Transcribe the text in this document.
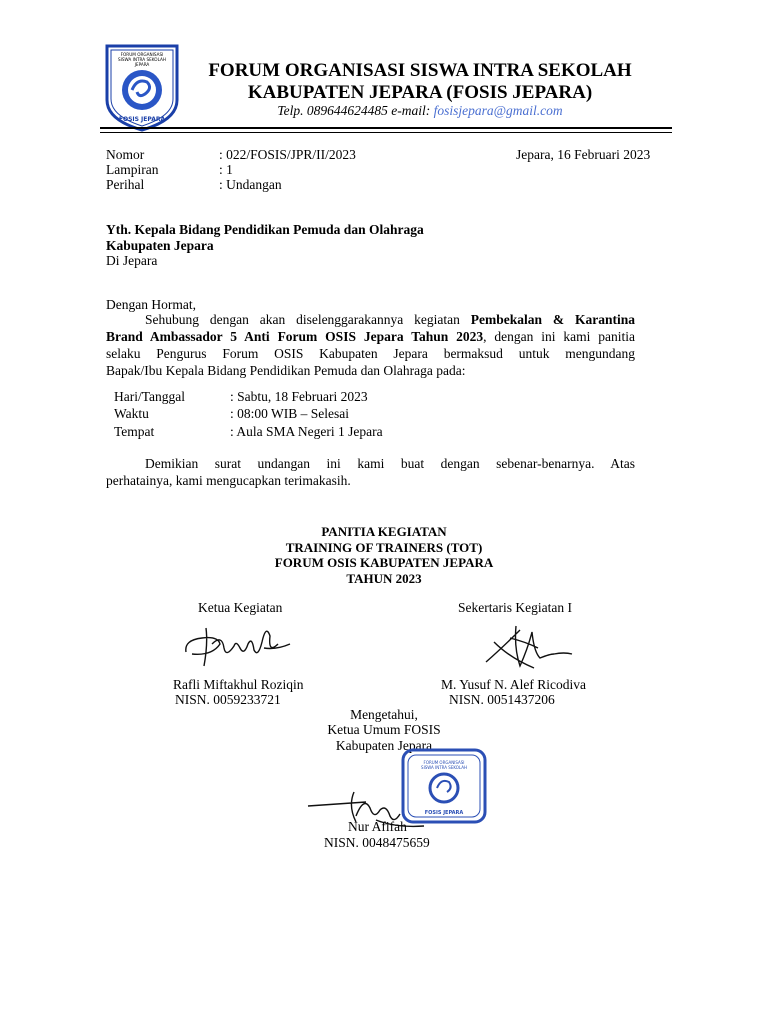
FORUM ORGANISASI
SISWA INTRA SEKOLAH
JEPARA
FOSIS JEPARA
FORUM ORGANISASI SISWA INTRA SEKOLAH
KABUPATEN JEPARA (FOSIS JEPARA)
Telp. 089644624485 e-mail: fosisjepara@gmail.com
Nomor	: 022/FOSIS/JPR/II/2023	Jepara, 16 Februari 2023
Lampiran	: 1
Perihal	: Undangan
Yth. Kepala Bidang Pendidikan Pemuda dan Olahraga
Kabupaten Jepara
Di Jepara
Dengan Hormat,
Sehubung dengan akan diselenggarakannya kegiatan Pembekalan & Karantina
Brand Ambassador 5 Anti Forum OSIS Jepara Tahun 2023, dengan ini kami panitia
selaku Pengurus Forum OSIS Kabupaten Jepara bermaksud untuk mengundang
Bapak/Ibu Kepala Bidang Pendidikan Pemuda dan Olahraga pada:
Hari/Tanggal	: Sabtu, 18 Februari 2023
Waktu	: 08:00 WIB – Selesai
Tempat	: Aula SMA Negeri 1 Jepara
Demikian surat undangan ini kami buat dengan sebenar-benarnya. Atas
perhatainya, kami mengucapkan terimakasih.
PANITIA KEGIATAN
TRAINING OF TRAINERS (TOT)
FORUM OSIS KABUPATEN JEPARA
TAHUN 2023
Ketua Kegiatan	Sekertaris Kegiatan I
Rafli Miftakhul Roziqin
NISN. 0059233721
M. Yusuf N. Alef Ricodiva
NISN. 0051437206
Mengetahui,
Ketua Umum FOSIS
Kabupaten Jepara
FORUM ORGANISASI
SISWA INTRA SEKOLAH
FOSIS JEPARA
Nur Afifah
NISN. 0048475659
